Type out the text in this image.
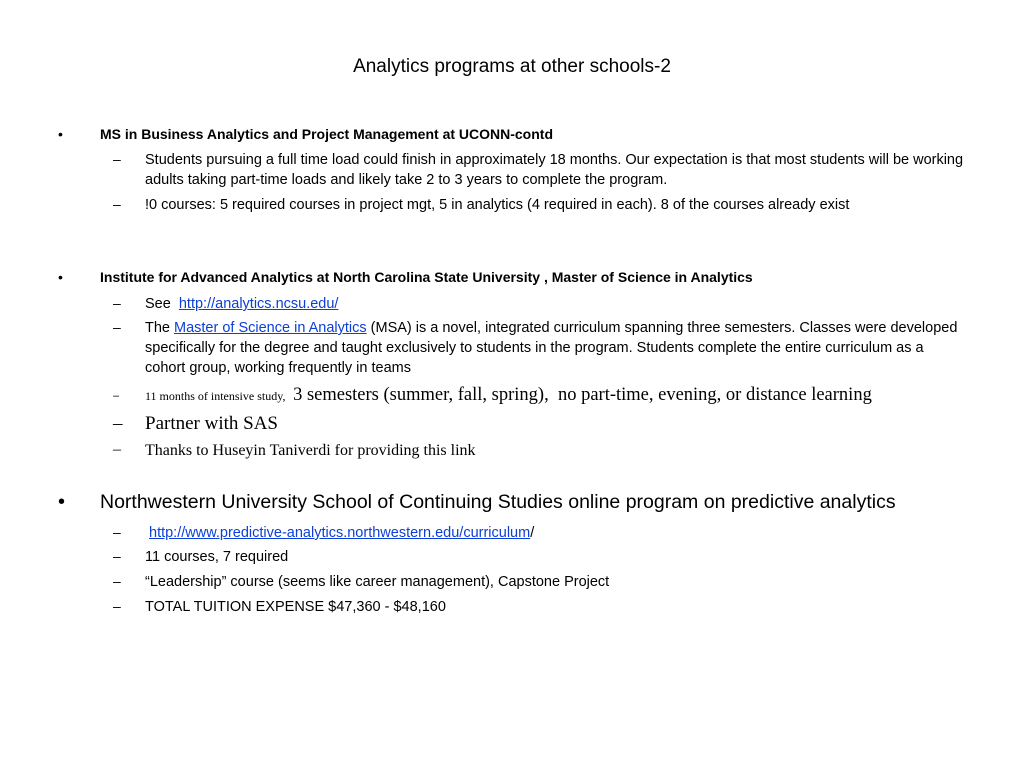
Analytics programs at other schools-2
•	MS in Business Analytics and Project Management at UCONN-contd
– Students pursuing a full time load could finish in approximately 18 months. Our expectation is that most students will be working adults taking part-time loads and likely take 2 to 3 years to complete the program.
– !0 courses: 5 required courses in project mgt, 5 in analytics (4 required in each). 8 of the courses already exist
•	Institute for Advanced Analytics at North Carolina State University , Master of Science in Analytics
– See  http://analytics.ncsu.edu/
– The Master of Science in Analytics (MSA) is a novel, integrated curriculum spanning three semesters. Classes were developed specifically for the degree and taught exclusively to students in the program. Students complete the entire curriculum as a cohort group, working frequently in teams
– 11 months of intensive study,  3 semesters (summer, fall, spring),  no part-time, evening, or distance learning
– Partner with SAS
– Thanks to Huseyin Taniverdi for providing this link
• Northwestern University School of Continuing Studies online program on predictive analytics
– http://www.predictive-analytics.northwestern.edu/curriculum/
– 11 courses, 7 required
– “Leadership” course (seems like career management), Capstone Project
– TOTAL TUITION EXPENSE $47,360 - $48,160
